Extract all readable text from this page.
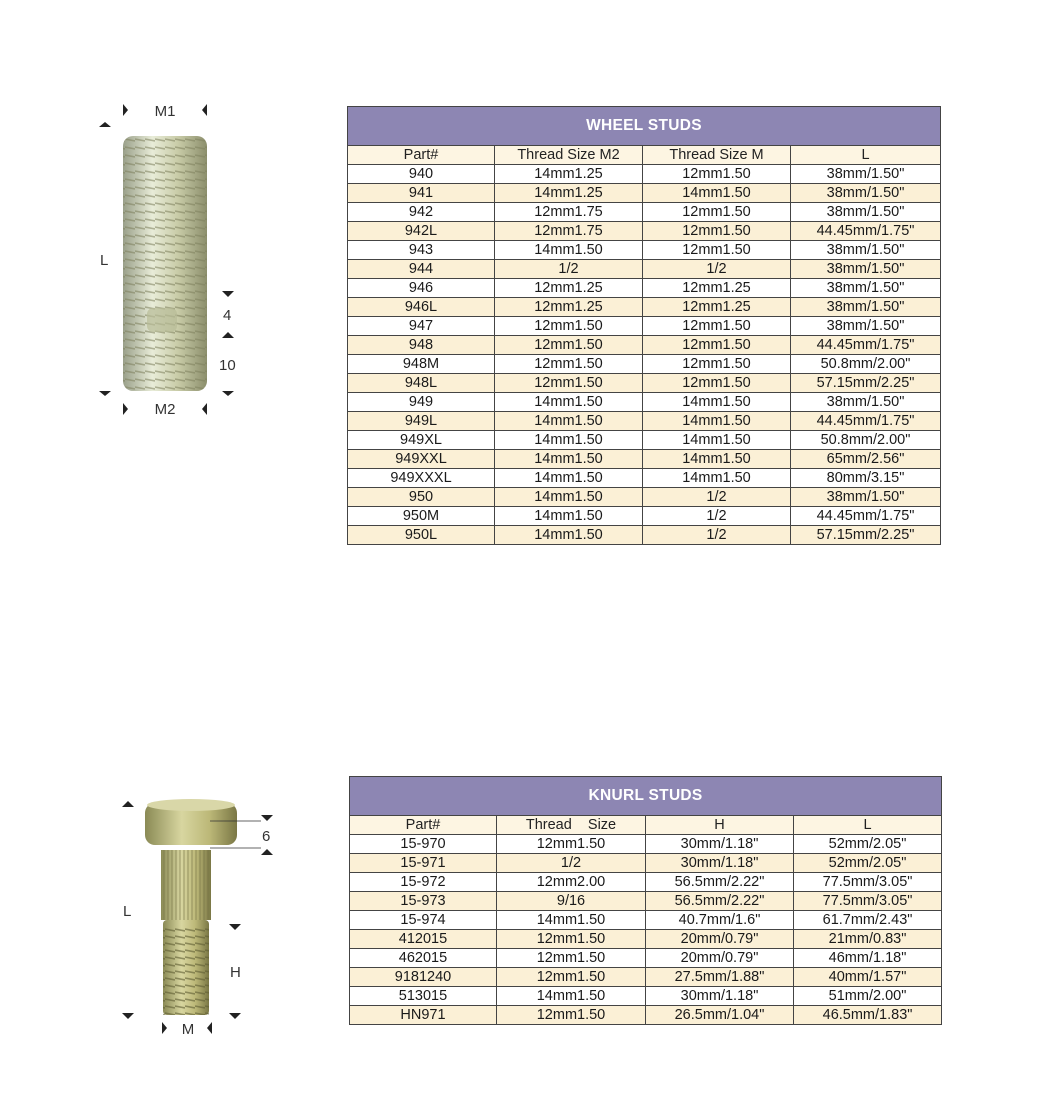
M1
M2
L
4
10
WHEEL STUDS			
Part#	Thread Size M2	Thread Size M	L
940	14mm1.25	12mm1.50	38mm/1.50"
941	14mm1.25	14mm1.50	38mm/1.50"
942	12mm1.75	12mm1.50	38mm/1.50"
942L	12mm1.75	12mm1.50	44.45mm/1.75"
943	14mm1.50	12mm1.50	38mm/1.50"
944	1/2	1/2	38mm/1.50"
946	12mm1.25	12mm1.25	38mm/1.50"
946L	12mm1.25	12mm1.25	38mm/1.50"
947	12mm1.50	12mm1.50	38mm/1.50"
948	12mm1.50	12mm1.50	44.45mm/1.75"
948M	12mm1.50	12mm1.50	50.8mm/2.00"
948L	12mm1.50	12mm1.50	57.15mm/2.25"
949	14mm1.50	14mm1.50	38mm/1.50"
949L	14mm1.50	14mm1.50	44.45mm/1.75"
949XL	14mm1.50	14mm1.50	50.8mm/2.00"
949XXL	14mm1.50	14mm1.50	65mm/2.56"
949XXXL	14mm1.50	14mm1.50	80mm/3.15"
950	14mm1.50	1/2	38mm/1.50"
950M	14mm1.50	1/2	44.45mm/1.75"
950L	14mm1.50	1/2	57.15mm/2.25"
6
L
H
M
KNURL STUDS			
Part#	Thread    Size	H	L
15-970	12mm1.50	30mm/1.18"	52mm/2.05"
15-971	1/2	30mm/1.18"	52mm/2.05"
15-972	12mm2.00	56.5mm/2.22"	77.5mm/3.05"
15-973	9/16	56.5mm/2.22"	77.5mm/3.05"
15-974	14mm1.50	40.7mm/1.6"	61.7mm/2.43"
412015	12mm1.50	20mm/0.79"	21mm/0.83"
462015	12mm1.50	20mm/0.79"	46mm/1.18"
9181240	12mm1.50	27.5mm/1.88"	40mm/1.57"
513015	14mm1.50	30mm/1.18"	51mm/2.00"
HN971	12mm1.50	26.5mm/1.04"	46.5mm/1.83"
